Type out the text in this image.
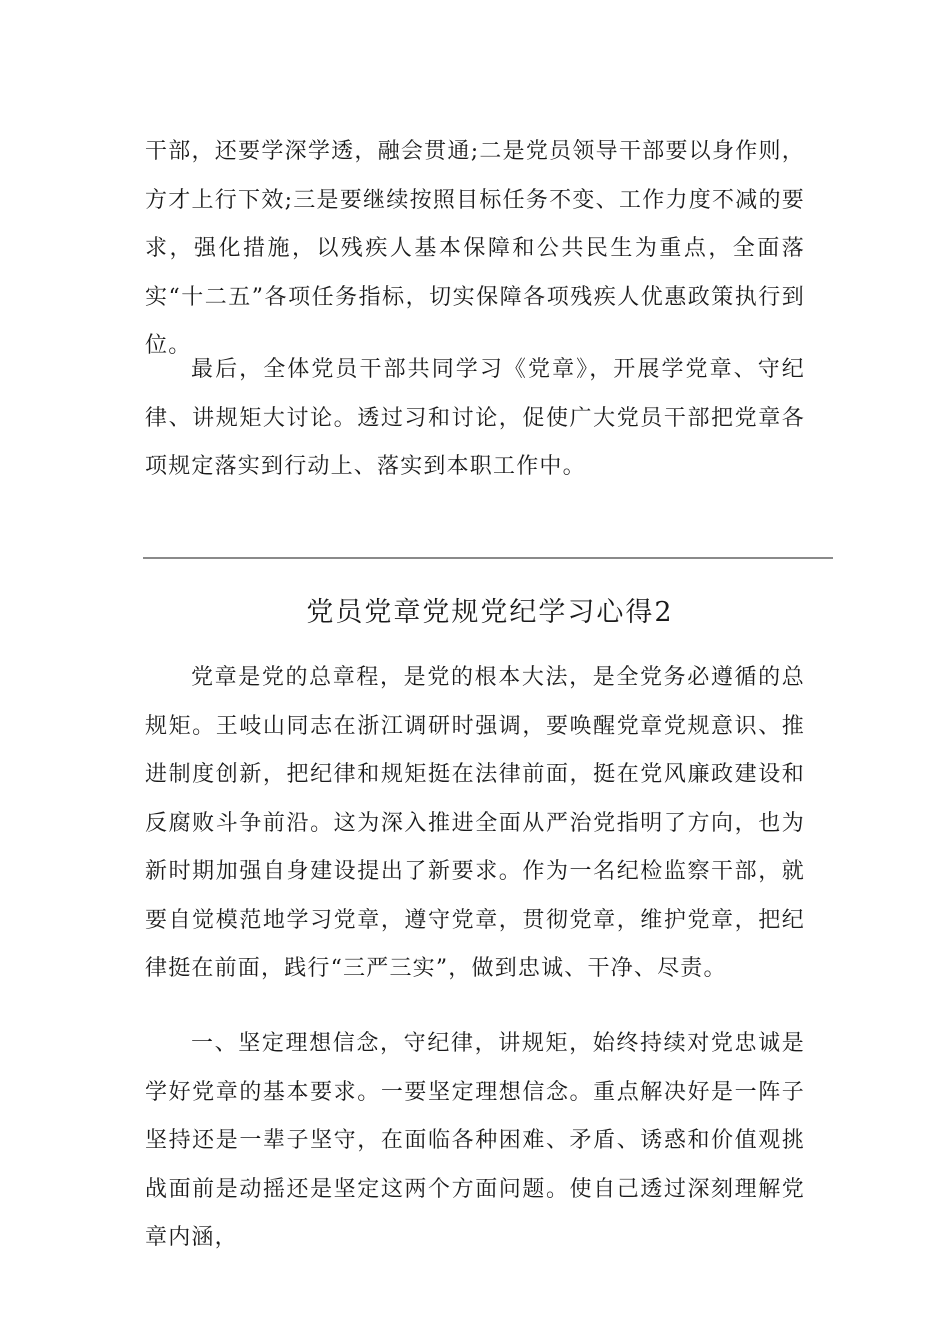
干部，还要学深学透，融会贯通;二是党员领导干部要以身作则，方才上行下效;三是要继续按照目标任务不变、工作力度不减的要求，强化措施，以残疾人基本保障和公共民生为重点，全面落实“十二五”各项任务指标，切实保障各项残疾人优惠政策执行到位。

最后，全体党员干部共同学习《党章》，开展学党章、守纪律、讲规矩大讨论。透过习和讨论，促使广大党员干部把党章各项规定落实到行动上、落实到本职工作中。

党员党章党规党纪学习心得2

党章是党的总章程，是党的根本大法，是全党务必遵循的总规矩。王岐山同志在浙江调研时强调，要唤醒党章党规意识、推进制度创新，把纪律和规矩挺在法律前面，挺在党风廉政建设和反腐败斗争前沿。这为深入推进全面从严治党指明了方向，也为新时期加强自身建设提出了新要求。作为一名纪检监察干部，就要自觉模范地学习党章，遵守党章，贯彻党章，维护党章，把纪律挺在前面，践行“三严三实”，做到忠诚、干净、尽责。

一、坚定理想信念，守纪律，讲规矩，始终持续对党忠诚是学好党章的基本要求。一要坚定理想信念。重点解决好是一阵子坚持还是一辈子坚守，在面临各种困难、矛盾、诱惑和价值观挑战面前是动摇还是坚定这两个方面问题。使自己透过深刻理解党章内涵，
